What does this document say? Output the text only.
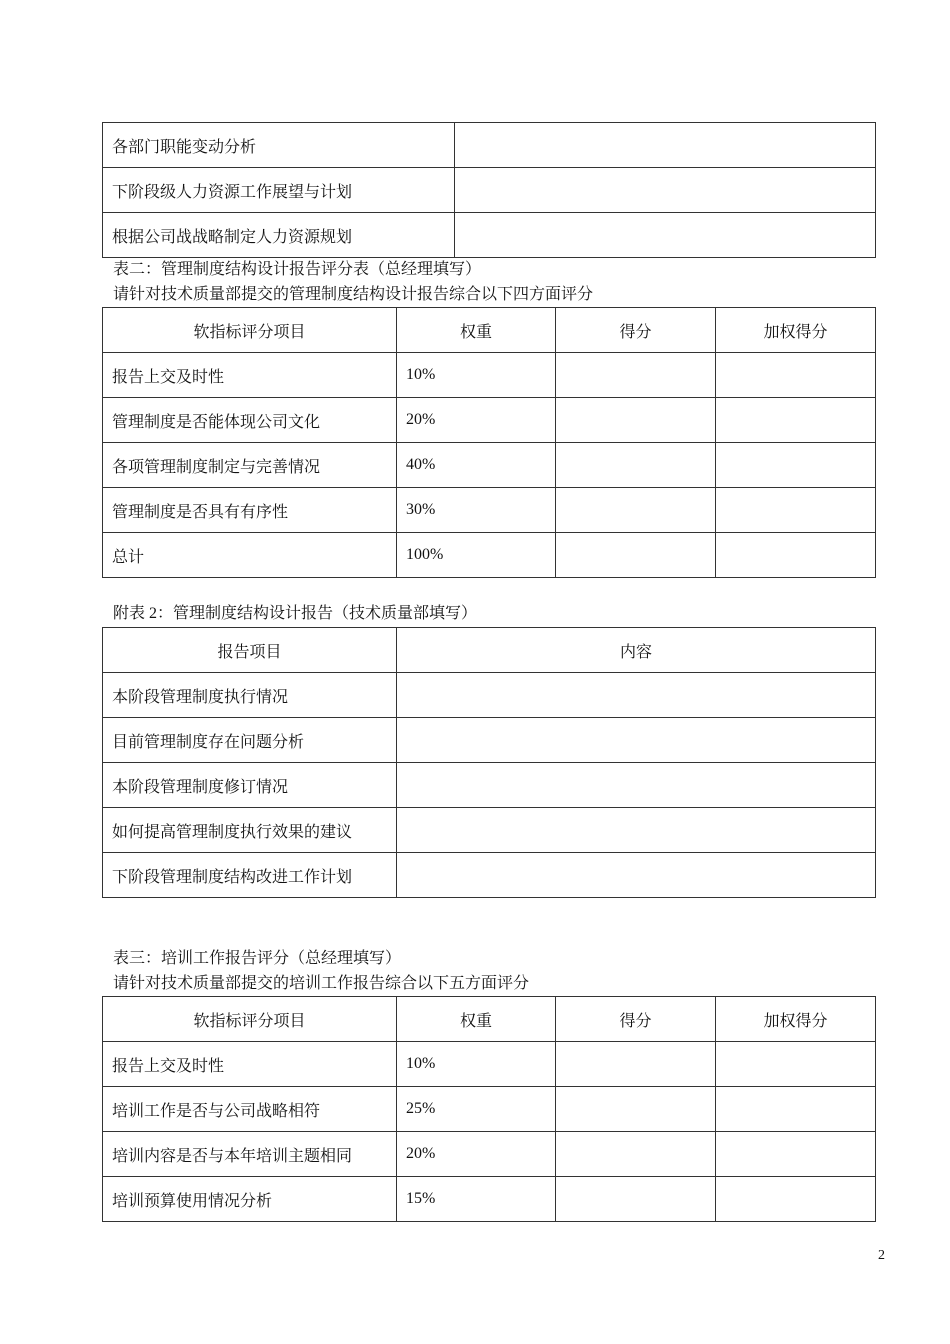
各部门职能变动分析	
下阶段级人力资源工作展望与计划	
根据公司战战略制定人力资源规划	
表二：管理制度结构设计报告评分表（总经理填写）
请针对技术质量部提交的管理制度结构设计报告综合以下四方面评分
软指标评分项目	权重	得分	加权得分
报告上交及时性	10%		
管理制度是否能体现公司文化	20%		
各项管理制度制定与完善情况	40%		
管理制度是否具有有序性	30%		
总计	100%		
附表 2：管理制度结构设计报告（技术质量部填写）
报告项目	内容
本阶段管理制度执行情况	
目前管理制度存在问题分析	
本阶段管理制度修订情况	
如何提高管理制度执行效果的建议	
下阶段管理制度结构改进工作计划	
表三：培训工作报告评分（总经理填写）
请针对技术质量部提交的培训工作报告综合以下五方面评分
软指标评分项目	权重	得分	加权得分
报告上交及时性	10%		
培训工作是否与公司战略相符	25%		
培训内容是否与本年培训主题相同	20%		
培训预算使用情况分析	15%		
2
